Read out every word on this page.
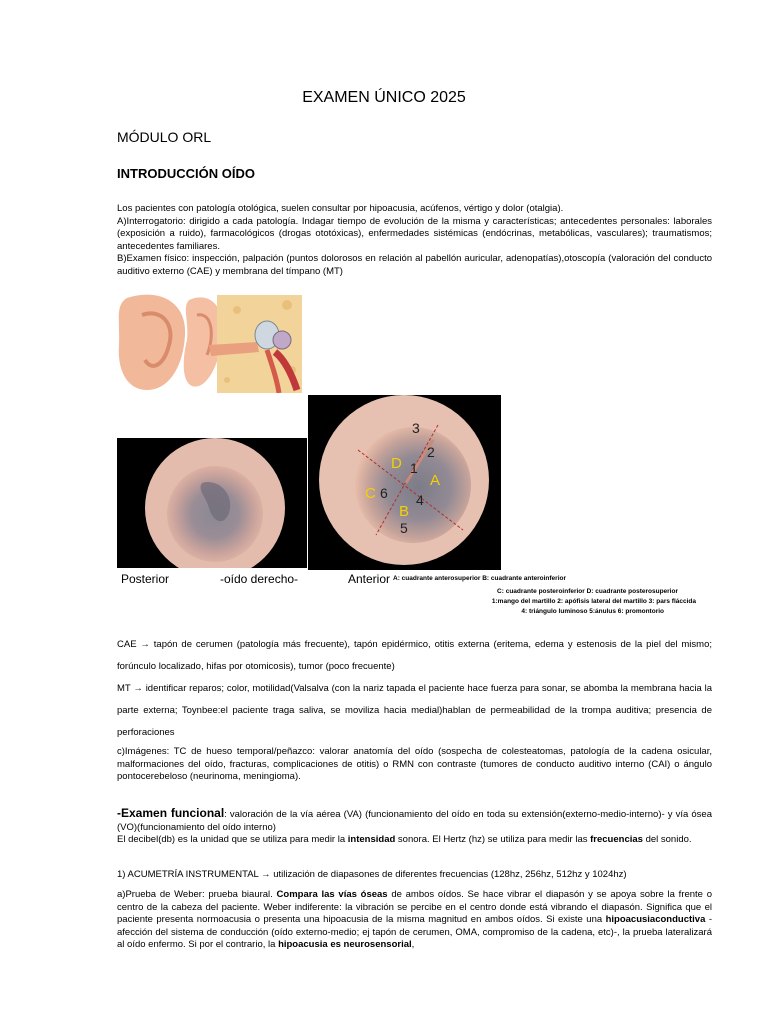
EXAMEN ÚNICO 2025
MÓDULO ORL
INTRODUCCIÓN OÍDO

Los pacientes con patología otológica, suelen consultar por hipoacusia, acúfenos, vértigo y dolor (otalgia).

A)Interrogatorio: dirigido a cada patología. Indagar tiempo de evolución de la misma y características; antecedentes personales: laborales (exposición a ruido), farmacológicos (drogas ototóxicas), enfermedades sistémicas (endócrinas, metabólicas, vasculares); traumatismos; antecedentes familiares.

B)Examen físico: inspección, palpación (puntos dolorosos en relación al pabellón auricular, adenopatías),otoscopía (valoración del conducto auditivo externo (CAE) y membrana del tímpano (MT)

3
2
1
D
A
C 6 4
B
5
Posterior	-oído derecho-	Anterior A: cuadrante anterosuperior B: cuadrante anteroinferior
C: cuadrante posteroinferior D: cuadrante posterosuperior
1:mango del martillo 2: apófisis lateral del martillo 3: pars fláccida
4: triángulo luminoso 5:ánulus 6: promontorio
CAE → tapón de cerumen (patología más frecuente), tapón epidérmico, otitis externa (eritema, edema y estenosis de la piel del mismo; forúnculo localizado, hifas por otomicosis), tumor (poco frecuente)
MT → identificar reparos; color, motilidad(Valsalva (con la nariz tapada el paciente hace fuerza para sonar, se abomba la membrana hacia la parte externa; Toynbee:el paciente traga saliva, se moviliza hacia medial)hablan de permeabilidad de la trompa auditiva; presencia de perforaciones
c)Imágenes: TC de hueso temporal/peñazco: valorar anatomía del oído (sospecha de colesteatomas, patología de la cadena osicular, malformaciones del oído, fracturas, complicaciones de otitis) o RMN con contraste (tumores de conducto auditivo interno (CAI) o ángulo pontocerebeloso (neurinoma, meningioma).

-Examen funcional: valoración de la vía aérea (VA) (funcionamiento del oído en toda su extensión(externo-medio-interno)- y vía ósea (VO)(funcionamiento del oído interno)

El decibel(db) es la unidad que se utiliza para medir la intensidad sonora. El Hertz (hz) se utiliza para medir las frecuencias del sonido.

1) ACUMETRÍA INSTRUMENTAL → utilización de diapasones de diferentes frecuencias (128hz, 256hz, 512hz y 1024hz)

a)Prueba de Weber: prueba biaural. Compara las vías óseas de ambos oídos. Se hace vibrar el diapasón y se apoya sobre la frente o centro de la cabeza del paciente. Weber indiferente: la vibración se percibe en el centro donde está vibrando el diapasón. Significa que el paciente presenta normoacusia o presenta una hipoacusia de la misma magnitud en ambos oídos. Si existe una hipoacusiaconductiva -afección del sistema de conducción (oído externo-medio; ej tapón de cerumen, OMA, compromiso de la cadena, etc)-, la prueba lateralizará al oído enfermo. Si por el contrario, la hipoacusia es neurosensorial,
